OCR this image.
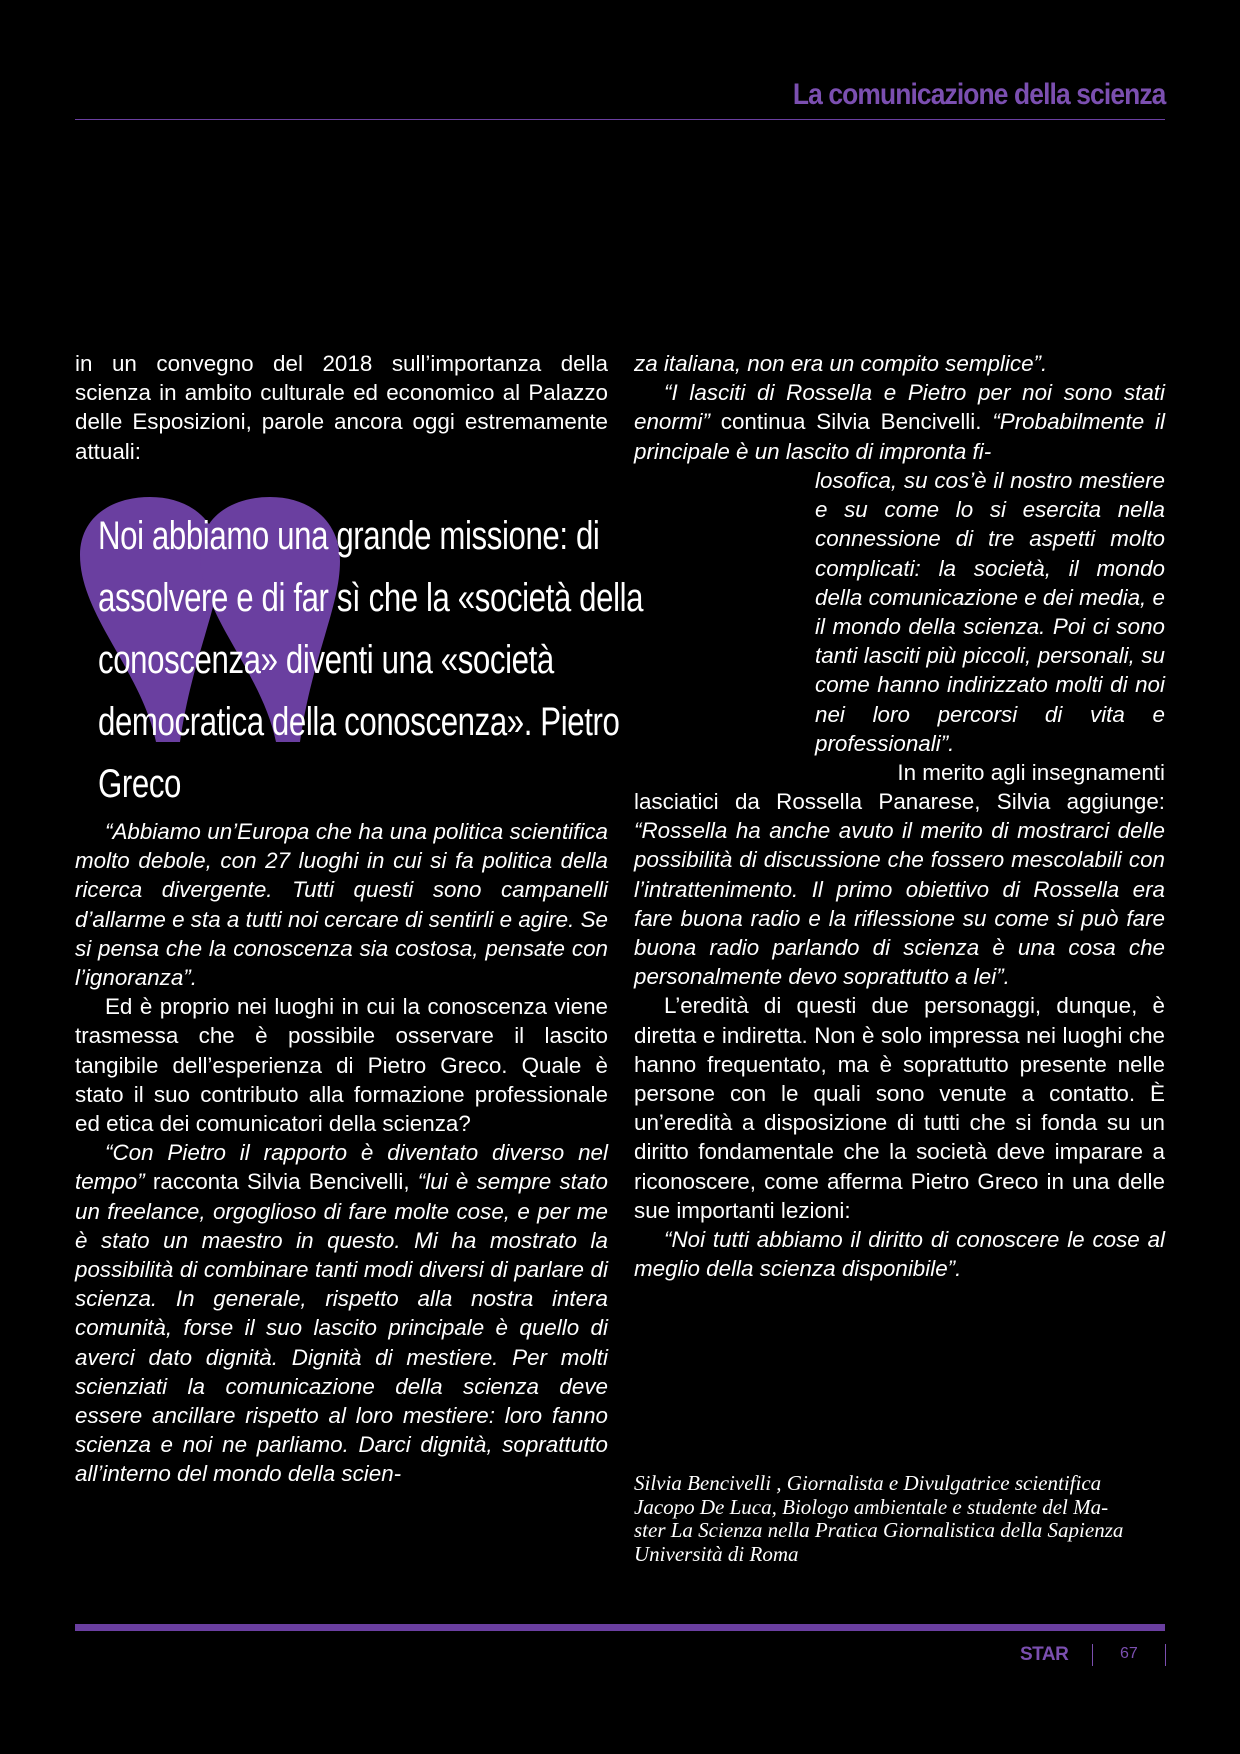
La comunicazione della scienza

in un convegno del 2018 sull’importanza della scienza in ambito culturale ed economico al Palazzo delle Esposizioni, parole ancora oggi estremamente attuali:

Noi abbiamo una grande missione: di assolvere e di far sì che la «società della conoscenza» diventi una «società democratica della conoscenza». Pietro Greco

“Abbiamo un’Europa che ha una politica scientifica molto debole, con 27 luoghi in cui si fa politica della ricerca divergente. Tutti questi sono campanelli d’allarme e sta a tutti noi cercare di sentirli e agire. Se si pensa che la conoscenza sia costosa, pensate con l’ignoranza”.

Ed è proprio nei luoghi in cui la conoscenza viene trasmessa che è possibile osservare il lascito tangibile dell’esperienza di Pietro Greco. Quale è stato il suo contributo alla formazione professionale ed etica dei comunicatori della scienza?

“Con Pietro il rapporto è diventato diverso nel tempo” racconta Silvia Bencivelli, “lui è sempre stato un freelance, orgoglioso di fare molte cose, e per me è stato un maestro in questo. Mi ha mostrato la possibilità di combinare tanti modi diversi di parlare di scienza. In generale, rispetto alla nostra intera comunità, forse il suo lascito principale è quello di averci dato dignità. Dignità di mestiere. Per molti scienziati la comunicazione della scienza deve essere ancillare rispetto al loro mestiere: loro fanno scienza e noi ne parliamo. Darci dignità, soprattutto all’interno del mondo della scien-

za italiana, non era un compito semplice”.

“I lasciti di Rossella e Pietro per noi sono stati enormi” continua Silvia Bencivelli. “Probabilmente il principale è un lascito di impronta fi-

losofica, su cos’è il nostro mestiere e su come lo si esercita nella connessione di tre aspetti molto complicati: la società, il mondo della comunicazione e dei media, e il mondo della scienza. Poi ci sono tanti lasciti più piccoli, personali, su come hanno indirizzato molti di noi nei loro percorsi di vita e professionali”.

In merito agli insegnamenti

lasciatici da Rossella Panarese, Silvia aggiunge: “Rossella ha anche avuto il merito di mostrarci delle possibilità di discussione che fossero mescolabili con l’intrattenimento. Il primo obiettivo di Rossella era fare buona radio e la riflessione su come si può fare buona radio parlando di scienza è una cosa che personalmente devo soprattutto a lei”.

L’eredità di questi due personaggi, dunque, è diretta e indiretta. Non è solo impressa nei luoghi che hanno frequentato, ma è soprattutto presente nelle persone con le quali sono venute a contatto. È un’eredità a disposizione di tutti che si fonda su un diritto fondamentale che la società deve imparare a riconoscere, come afferma Pietro Greco in una delle sue importanti lezioni:

“Noi tutti abbiamo il diritto di conoscere le cose al meglio della scienza disponibile”.

Silvia Bencivelli , Giornalista e Divulgatrice scientifica
Jacopo De Luca, Biologo ambientale e studente del Ma-
ster La Scienza nella Pratica Giornalistica della Sapienza
Università di Roma
STAR	67
